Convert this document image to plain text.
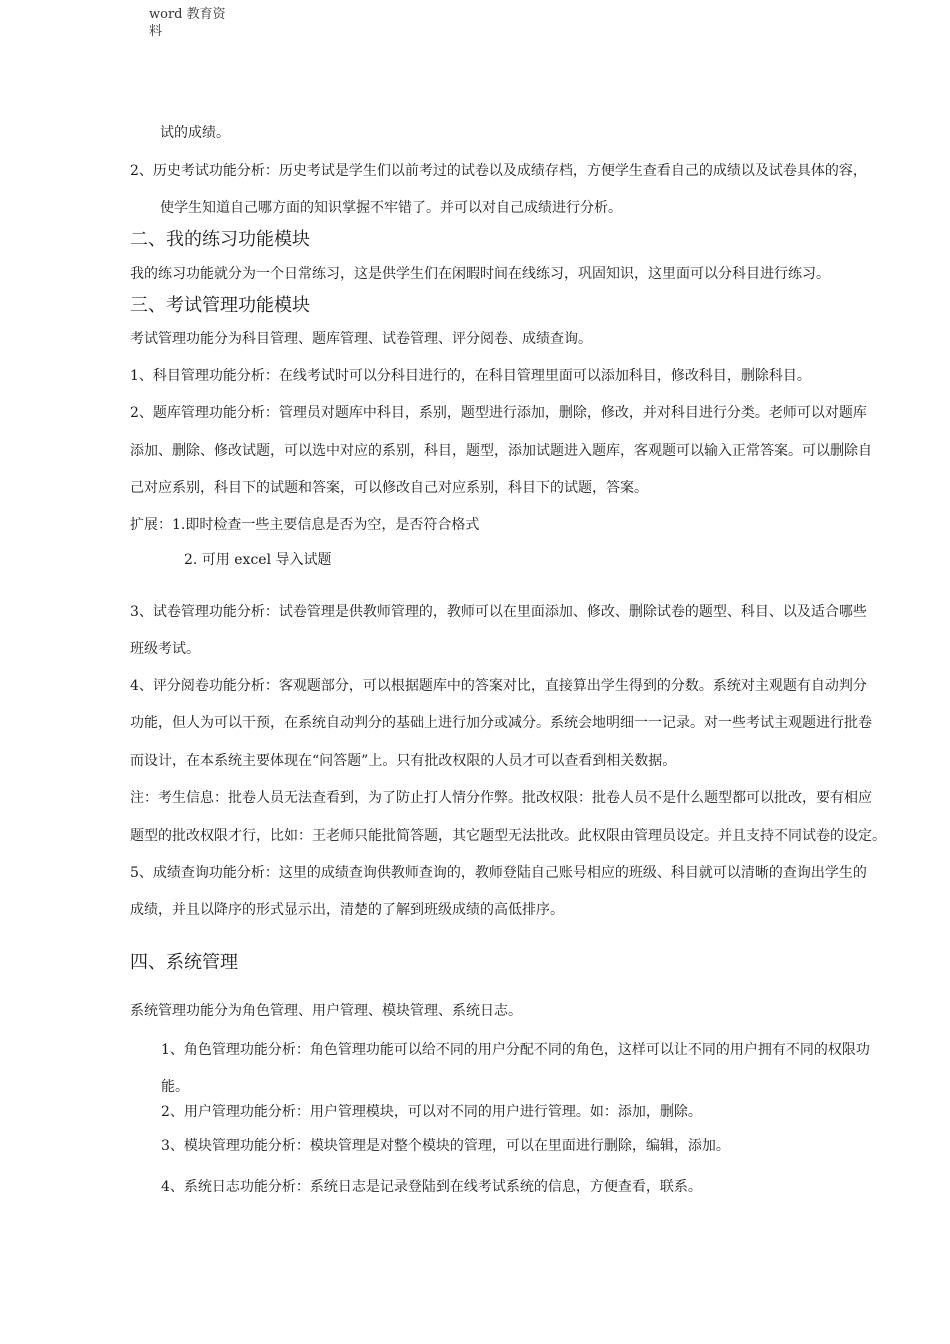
word 教育资料
试的成绩。
2、历史考试功能分析：历史考试是学生们以前考过的试卷以及成绩存档，方便学生查看自己的成绩以及试卷具体的容，
使学生知道自己哪方面的知识掌握不牢错了。并可以对自己成绩进行分析。
二、我的练习功能模块
我的练习功能就分为一个日常练习，这是供学生们在闲暇时间在线练习，巩固知识，这里面可以分科目进行练习。
三、考试管理功能模块
考试管理功能分为科目管理、题库管理、试卷管理、评分阅卷、成绩查询。
1、科目管理功能分析：在线考试时可以分科目进行的，在科目管理里面可以添加科目，修改科目，删除科目。
2、题库管理功能分析：管理员对题库中科目，系别，题型进行添加，删除，修改，并对科目进行分类。老师可以对题库
添加、删除、修改试题，可以选中对应的系别，科目，题型，添加试题进入题库，客观题可以输入正常答案。可以删除自
己对应系别，科目下的试题和答案，可以修改自己对应系别，科目下的试题，答案。
扩展：1.即时检查一些主要信息是否为空，是否符合格式
2. 可用 excel 导入试题
3、试卷管理功能分析：试卷管理是供教师管理的，教师可以在里面添加、修改、删除试卷的题型、科目、以及适合哪些
班级考试。
4、评分阅卷功能分析：客观题部分，可以根据题库中的答案对比，直接算出学生得到的分数。系统对主观题有自动判分
功能，但人为可以干预，在系统自动判分的基础上进行加分或减分。系统会地明细一一记录。对一些考试主观题进行批卷
而设计，在本系统主要体现在“问答题”上。只有批改权限的人员才可以查看到相关数据。
注：考生信息：批卷人员无法查看到，为了防止打人情分作弊。批改权限：批卷人员不是什么题型都可以批改，要有相应
题型的批改权限才行，比如：王老师只能批简答题，其它题型无法批改。此权限由管理员设定。并且支持不同试卷的设定。
5、成绩查询功能分析：这里的成绩查询供教师查询的，教师登陆自己账号相应的班级、科目就可以清晰的查询出学生的
成绩，并且以降序的形式显示出，清楚的了解到班级成绩的高低排序。
四、系统管理
系统管理功能分为角色管理、用户管理、模块管理、系统日志。
1、角色管理功能分析：角色管理功能可以给不同的用户分配不同的角色，这样可以让不同的用户拥有不同的权限功
能。
2、用户管理功能分析：用户管理模块，可以对不同的用户进行管理。如：添加，删除。
3、模块管理功能分析：模块管理是对整个模块的管理，可以在里面进行删除，编辑，添加。
4、系统日志功能分析：系统日志是记录登陆到在线考试系统的信息，方便查看，联系。
